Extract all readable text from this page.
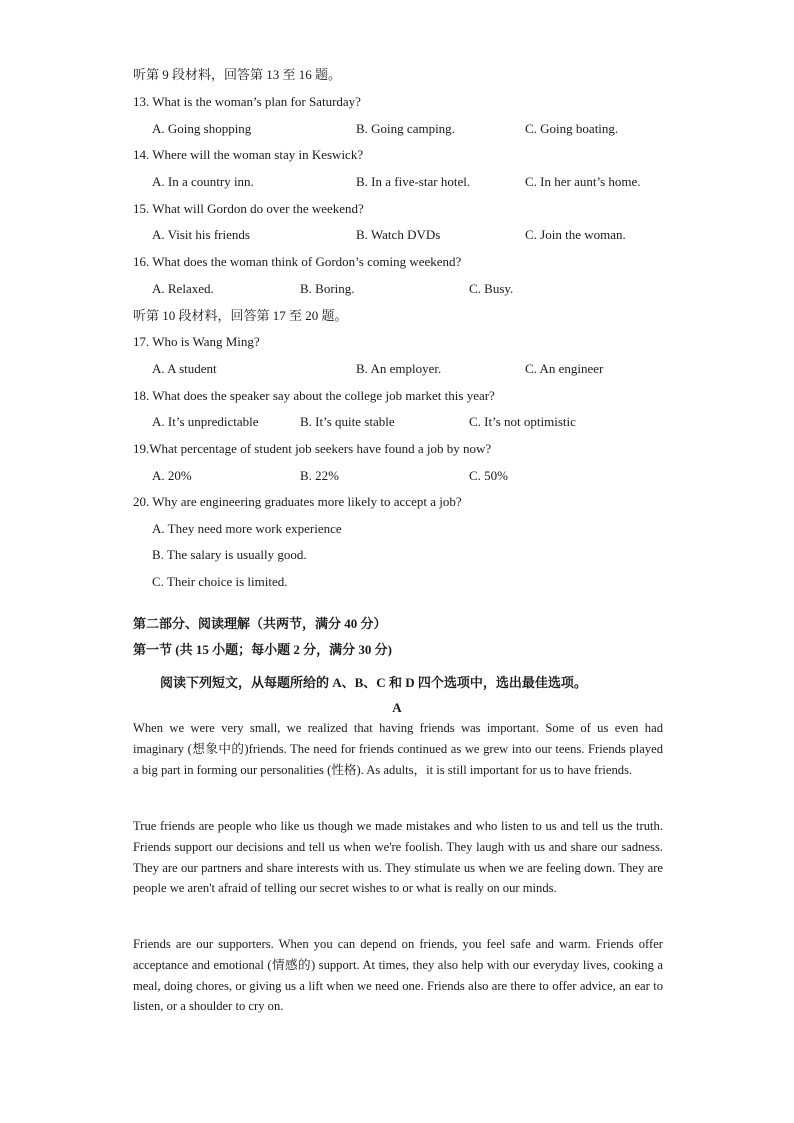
听第 9 段材料，回答第 13 至 16 题。
13. What is the woman’s plan for Saturday?
A. Going shopping	B. Going camping.	C. Going boating.
14. Where will the woman stay in Keswick?
A. In a country inn.	B. In a five-star hotel.	C. In her aunt’s home.
15. What will Gordon do over the weekend?
A. Visit his friends	B. Watch DVDs	C. Join the woman.
16. What does the woman think of Gordon’s coming weekend?
A. Relaxed.	B. Boring.	C. Busy.
听第 10 段材料，回答第 17 至 20 题。
17. Who is Wang Ming?
A. A student	B. An employer.	C. An engineer
18. What does the speaker say about the college job market this year?
A. It’s unpredictable	B. It’s quite stable	C. It’s not optimistic
19.What percentage of student job seekers have found a job by now?
A. 20%	B. 22%	C. 50%
20. Why are engineering graduates more likely to accept a job?
A. They need more work experience
B. The salary is usually good.
C. Their choice is limited.
第二部分、阅读理解（共两节，满分 40 分）
第一节 (共 15 小题；每小题 2 分，满分 30 分)
阅读下列短文，从每题所给的 A、B、C 和 D 四个选项中，选出最佳选项。
A

When we were very small, we realized that having friends was important. Some of us even had imaginary (想象中的)friends. The need for friends continued as we grew into our teens. Friends played a big part in forming our personalities (性格). As adults，it is still important for us to have friends.

True friends are people who like us though we made mistakes and who listen to us and tell us the truth. Friends support our decisions and tell us when we're foolish. They laugh with us and share our sadness. They are our partners and share interests with us. They stimulate us when we are feeling down. They are people we aren't afraid of telling our secret wishes to or what is really on our minds.

Friends are our supporters. When you can depend on friends, you feel safe and warm. Friends offer acceptance and emotional (情感的) support. At times, they also help with our everyday lives, cooking a meal, doing chores, or giving us a lift when we need one. Friends also are there to offer advice, an ear to listen, or a shoulder to cry on.
